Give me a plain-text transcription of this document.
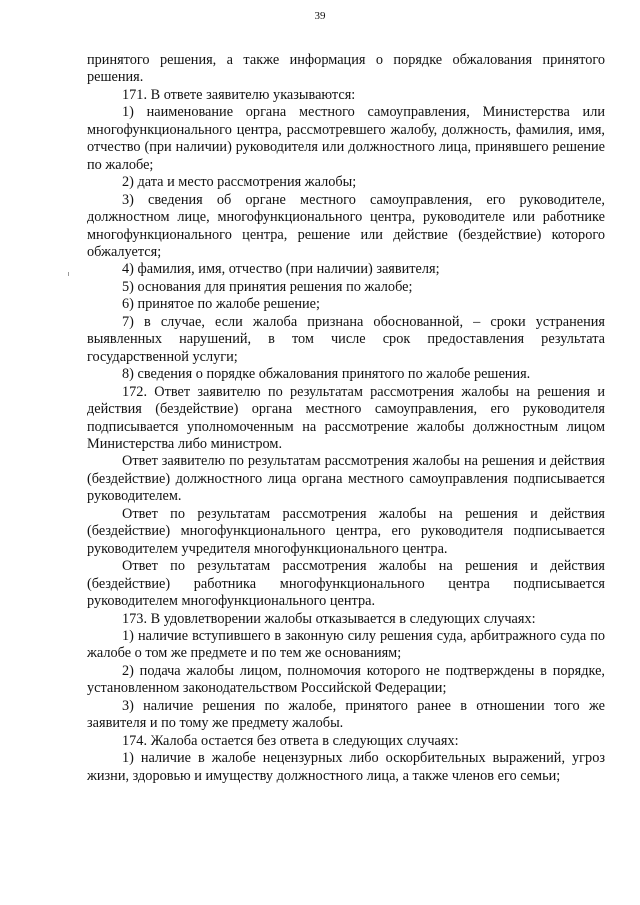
39

принятого решения, а также информация о порядке обжалования принятого решения.

171. В ответе заявителю указываются:

1) наименование органа местного самоуправления, Министерства или многофункционального центра, рассмотревшего жалобу, должность, фамилия, имя, отчество (при наличии) руководителя или должностного лица, принявшего решение по жалобе;

2) дата и место рассмотрения жалобы;

3) сведения об органе местного самоуправления, его руководителе, должностном лице, многофункционального центра, руководителе или работнике многофункционального центра, решение или действие (бездействие) которого обжалуется;

4) фамилия, имя, отчество (при наличии) заявителя;

5) основания для принятия решения по жалобе;

6) принятое по жалобе решение;

7) в случае, если жалоба признана обоснованной, – сроки устранения выявленных нарушений, в том числе срок предоставления результата государственной услуги;

8) сведения о порядке обжалования принятого по жалобе решения.

172. Ответ заявителю по результатам рассмотрения жалобы на решения и действия (бездействие) органа местного самоуправления, его руководителя подписывается уполномоченным на рассмотрение жалобы должностным лицом Министерства либо министром.

Ответ заявителю по результатам рассмотрения жалобы на решения и действия (бездействие) должностного лица органа местного самоуправления подписывается руководителем.

Ответ по результатам рассмотрения жалобы на решения и действия (бездействие) многофункционального центра, его руководителя подписывается руководителем учредителя многофункционального центра.

Ответ по результатам рассмотрения жалобы на решения и действия (бездействие) работника многофункционального центра подписывается руководителем многофункционального центра.

173. В удовлетворении жалобы отказывается в следующих случаях:

1) наличие вступившего в законную силу решения суда, арбитражного суда по жалобе о том же предмете и по тем же основаниям;

2) подача жалобы лицом, полномочия которого не подтверждены в порядке, установленном законодательством Российской Федерации;

3) наличие решения по жалобе, принятого ранее в отношении того же заявителя и по тому же предмету жалобы.

174. Жалоба остается без ответа в следующих случаях:

1) наличие в жалобе нецензурных либо оскорбительных выражений, угроз жизни, здоровью и имуществу должностного лица, а также членов его семьи;
